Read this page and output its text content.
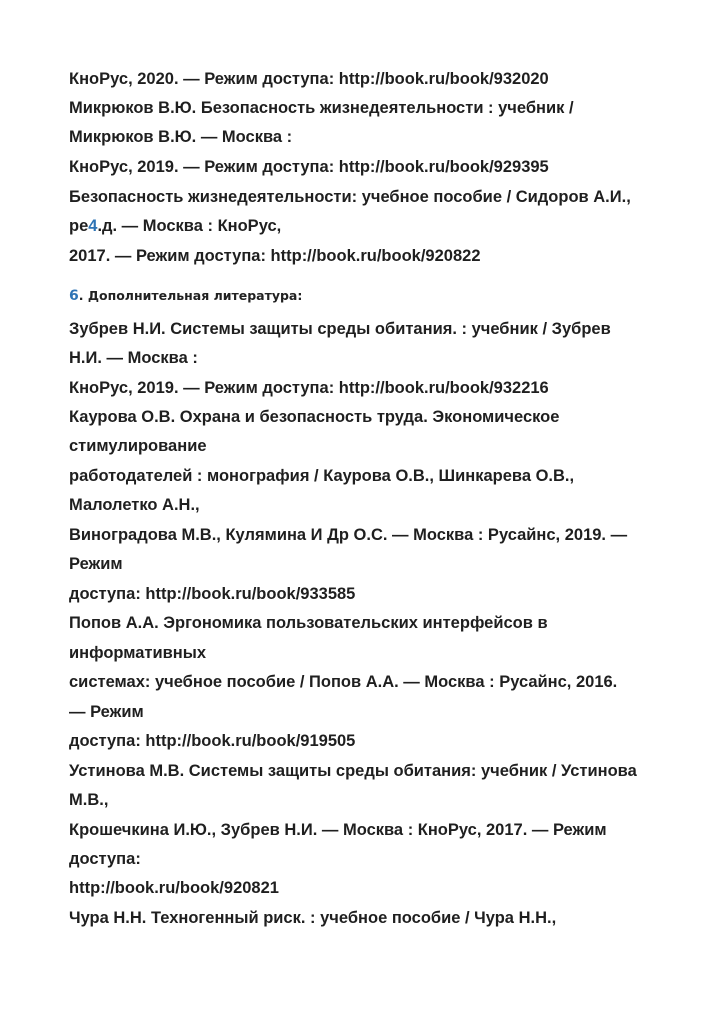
КноРус, 2020. — Режим доступа: http://book.ru/book/932020
Микрюков В.Ю. Безопасность жизнедеятельности : учебник /
Микрюков В.Ю. — Москва :
КноРус, 2019. — Режим доступа: http://book.ru/book/929395
Безопасность жизнедеятельности: учебное пособие / Сидоров А.И.,
ре4.д. — Москва : КноРус,
2017. — Режим доступа: http://book.ru/book/920822
6. Дополнительная литература:
Зубрев Н.И. Системы защиты среды обитания. : учебник / Зубрев
Н.И. — Москва :
КноРус, 2019. — Режим доступа: http://book.ru/book/932216
Каурова О.В. Охрана и безопасность труда. Экономическое
стимулирование
работодателей : монография / Каурова О.В., Шинкарева О.В.,
Малолетко А.Н.,
Виноградова М.В., Кулямина И Др О.С. — Москва : Русайнс, 2019. —
Режим
доступа: http://book.ru/book/933585
Попов А.А. Эргономика пользовательских интерфейсов в
информативных
системах: учебное пособие / Попов А.А. — Москва : Русайнс, 2016.
— Режим
доступа: http://book.ru/book/919505
Устинова М.В. Системы защиты среды обитания: учебник / Устинова
М.В.,
Крошечкина И.Ю., Зубрев Н.И. — Москва : КноРус, 2017. — Режим
доступа:
http://book.ru/book/920821
Чура Н.Н. Техногенный риск. : учебное пособие / Чура Н.Н.,
